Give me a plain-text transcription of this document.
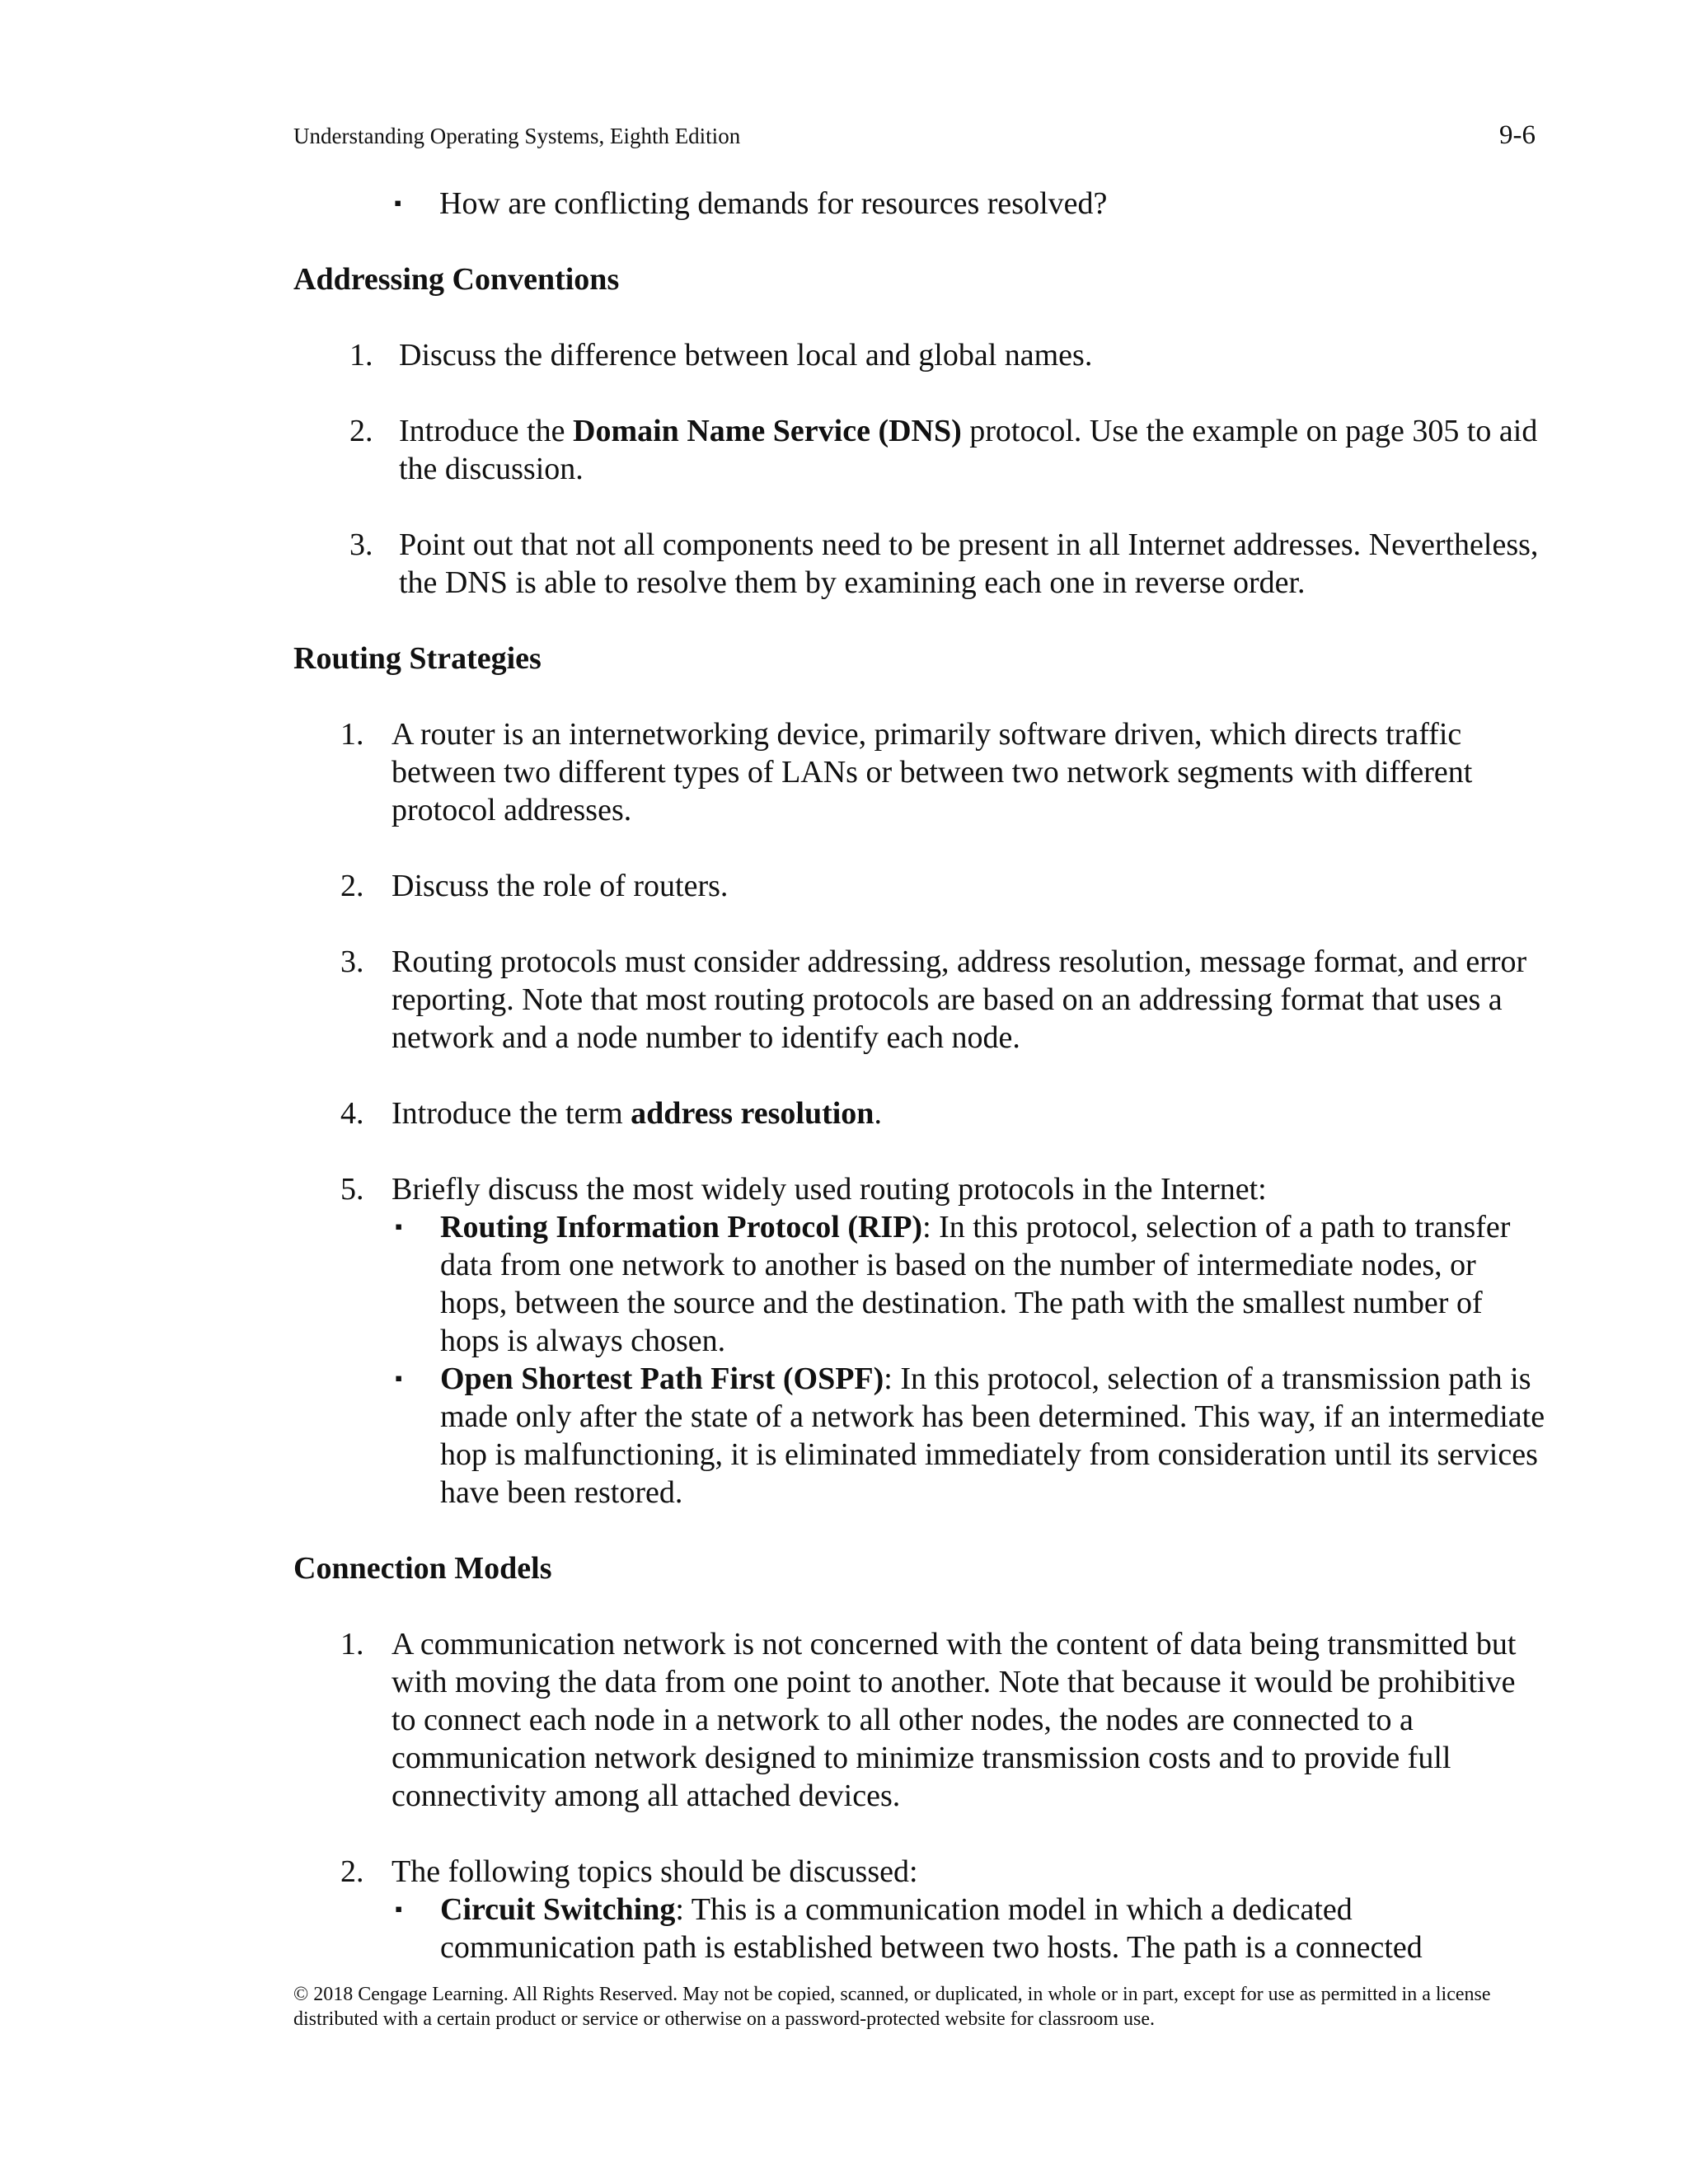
Understanding Operating Systems, Eighth Edition	9-6

▪ How are conflicting demands for resources resolved?

Addressing Conventions
1. Discuss the difference between local and global names.
2. Introduce the Domain Name Service (DNS) protocol. Use the example on page 305 to aid the discussion.
3. Point out that not all components need to be present in all Internet addresses. Nevertheless, the DNS is able to resolve them by examining each one in reverse order.
Routing Strategies
1. A router is an internetworking device, primarily software driven, which directs traffic between two different types of LANs or between two network segments with different protocol addresses.
2. Discuss the role of routers.
3. Routing protocols must consider addressing, address resolution, message format, and error reporting. Note that most routing protocols are based on an addressing format that uses a network and a node number to identify each node.
4. Introduce the term address resolution.
5. Briefly discuss the most widely used routing protocols in the Internet:
▪ Routing Information Protocol (RIP): In this protocol, selection of a path to transfer data from one network to another is based on the number of intermediate nodes, or hops, between the source and the destination. The path with the smallest number of hops is always chosen.
▪ Open Shortest Path First (OSPF): In this protocol, selection of a transmission path is made only after the state of a network has been determined. This way, if an intermediate hop is malfunctioning, it is eliminated immediately from consideration until its services have been restored.
Connection Models
1. A communication network is not concerned with the content of data being transmitted but with moving the data from one point to another. Note that because it would be prohibitive to connect each node in a network to all other nodes, the nodes are connected to a communication network designed to minimize transmission costs and to provide full connectivity among all attached devices.
2. The following topics should be discussed:
▪ Circuit Switching: This is a communication model in which a dedicated communication path is established between two hosts. The path is a connected
© 2018 Cengage Learning. All Rights Reserved. May not be copied, scanned, or duplicated, in whole or in part, except for use as permitted in a license distributed with a certain product or service or otherwise on a password-protected website for classroom use.
